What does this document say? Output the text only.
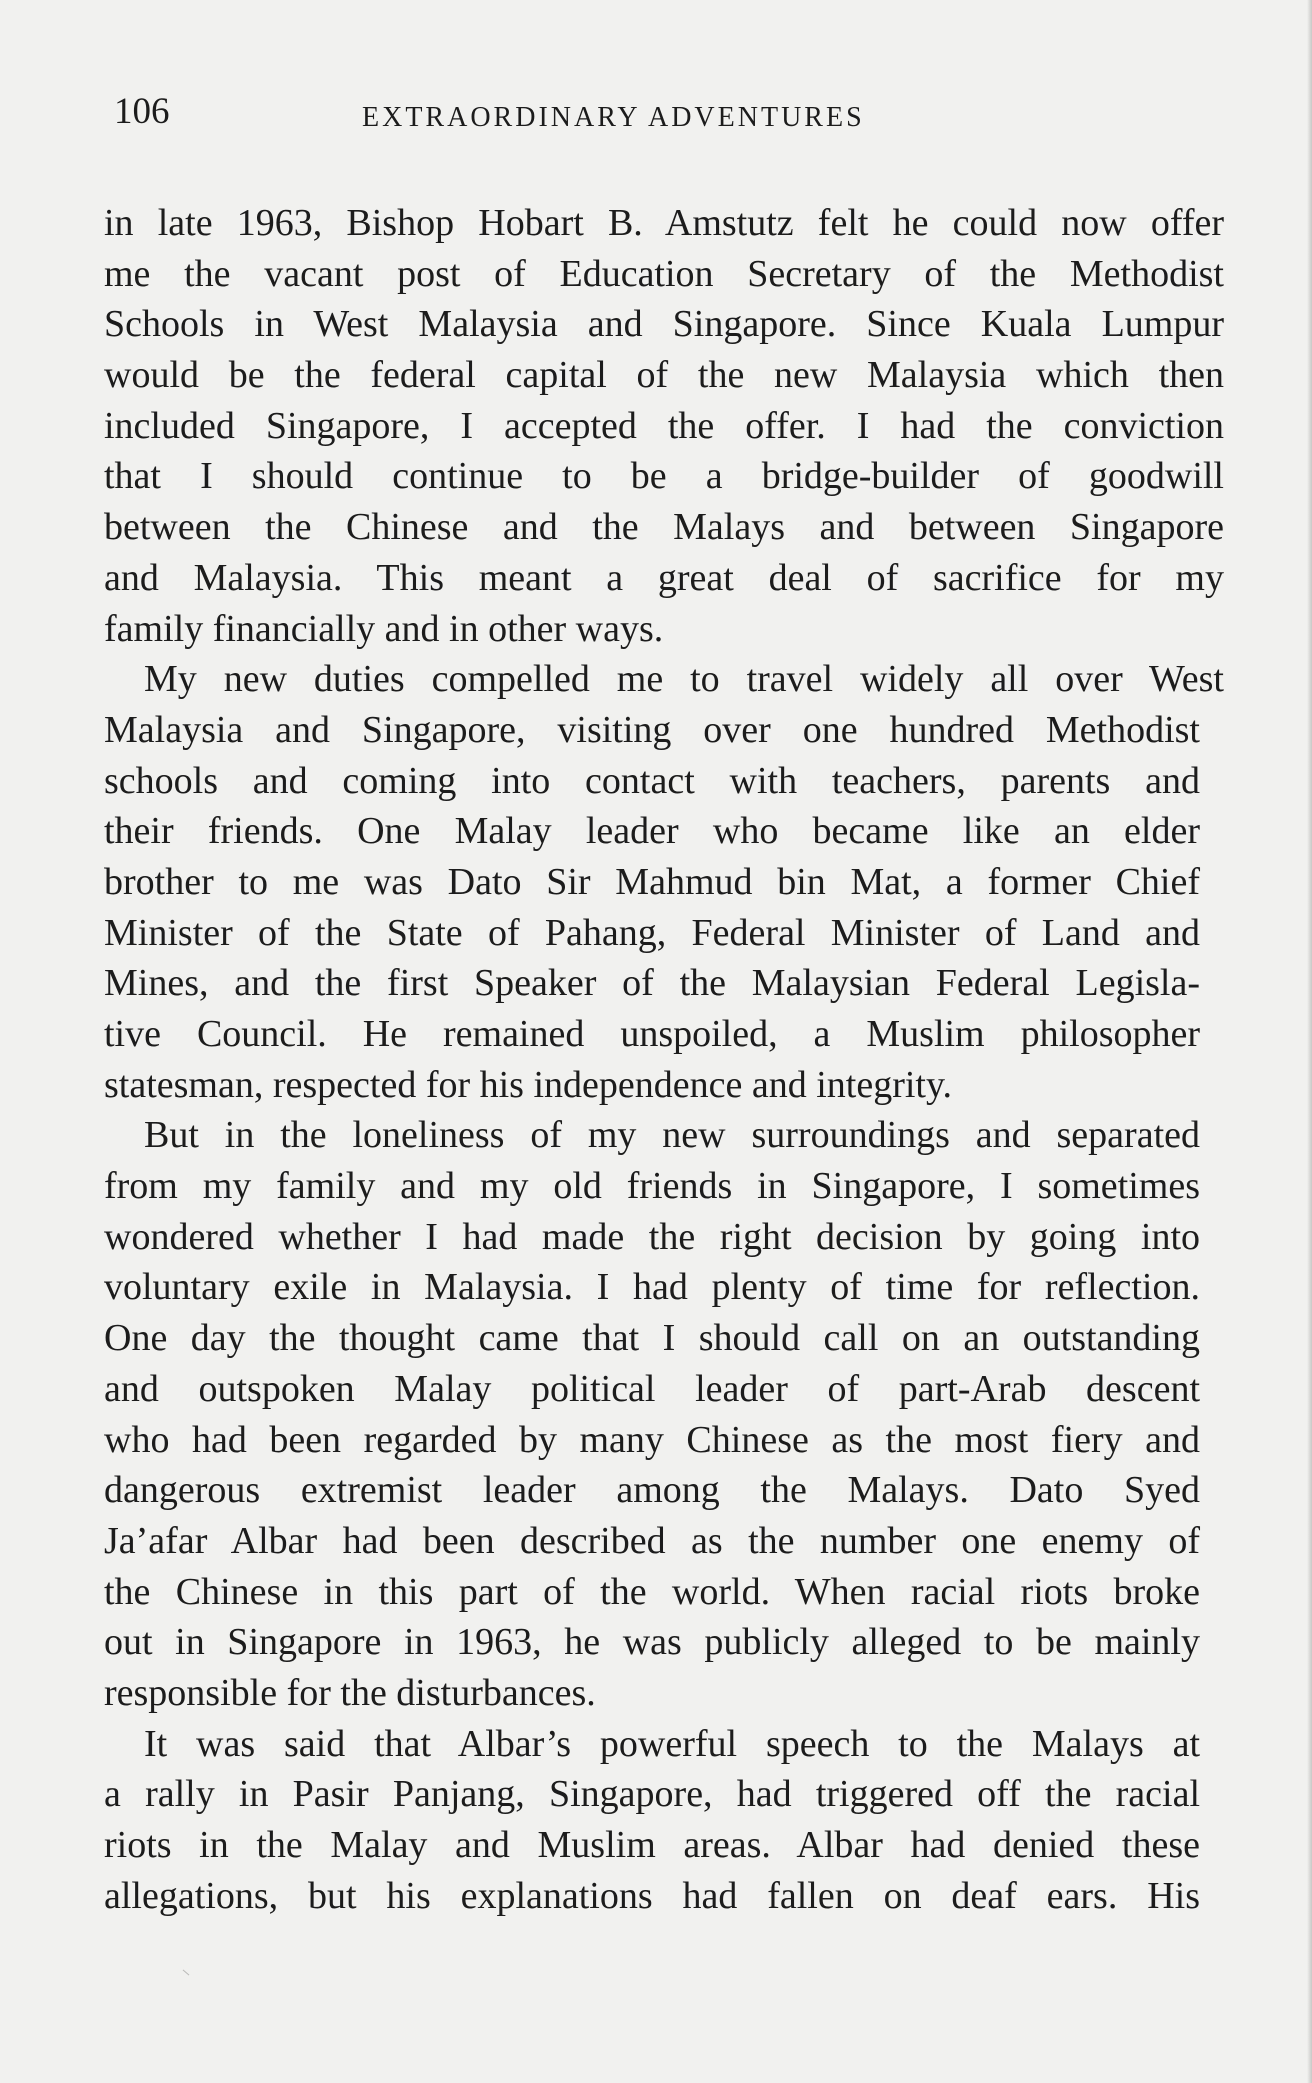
106	EXTRAORDINARY ADVENTURES
in late 1963, Bishop Hobart B. Amstutz felt he could now offer
me the vacant post of Education Secretary of the Methodist
Schools in West Malaysia and Singapore. Since Kuala Lumpur
would be the federal capital of the new Malaysia which then
included Singapore, I accepted the offer. I had the conviction
that I should continue to be a bridge-builder of goodwill
between the Chinese and the Malays and between Singapore
and Malaysia. This meant a great deal of sacrifice for my
family financially and in other ways.
My new duties compelled me to travel widely all over West
Malaysia and Singapore, visiting over one hundred Methodist
schools and coming into contact with teachers, parents and
their friends. One Malay leader who became like an elder
brother to me was Dato Sir Mahmud bin Mat, a former Chief
Minister of the State of Pahang, Federal Minister of Land and
Mines, and the first Speaker of the Malaysian Federal Legisla-
tive Council. He remained unspoiled, a Muslim philosopher
statesman, respected for his independence and integrity.
But in the loneliness of my new surroundings and separated
from my family and my old friends in Singapore, I sometimes
wondered whether I had made the right decision by going into
voluntary exile in Malaysia. I had plenty of time for reflection.
One day the thought came that I should call on an outstanding
and outspoken Malay political leader of part-Arab descent
who had been regarded by many Chinese as the most fiery and
dangerous extremist leader among the Malays. Dato Syed
Ja’afar Albar had been described as the number one enemy of
the Chinese in this part of the world. When racial riots broke
out in Singapore in 1963, he was publicly alleged to be mainly
responsible for the disturbances.
It was said that Albar’s powerful speech to the Malays at
a rally in Pasir Panjang, Singapore, had triggered off the racial
riots in the Malay and Muslim areas. Albar had denied these
allegations, but his explanations had fallen on deaf ears. His
